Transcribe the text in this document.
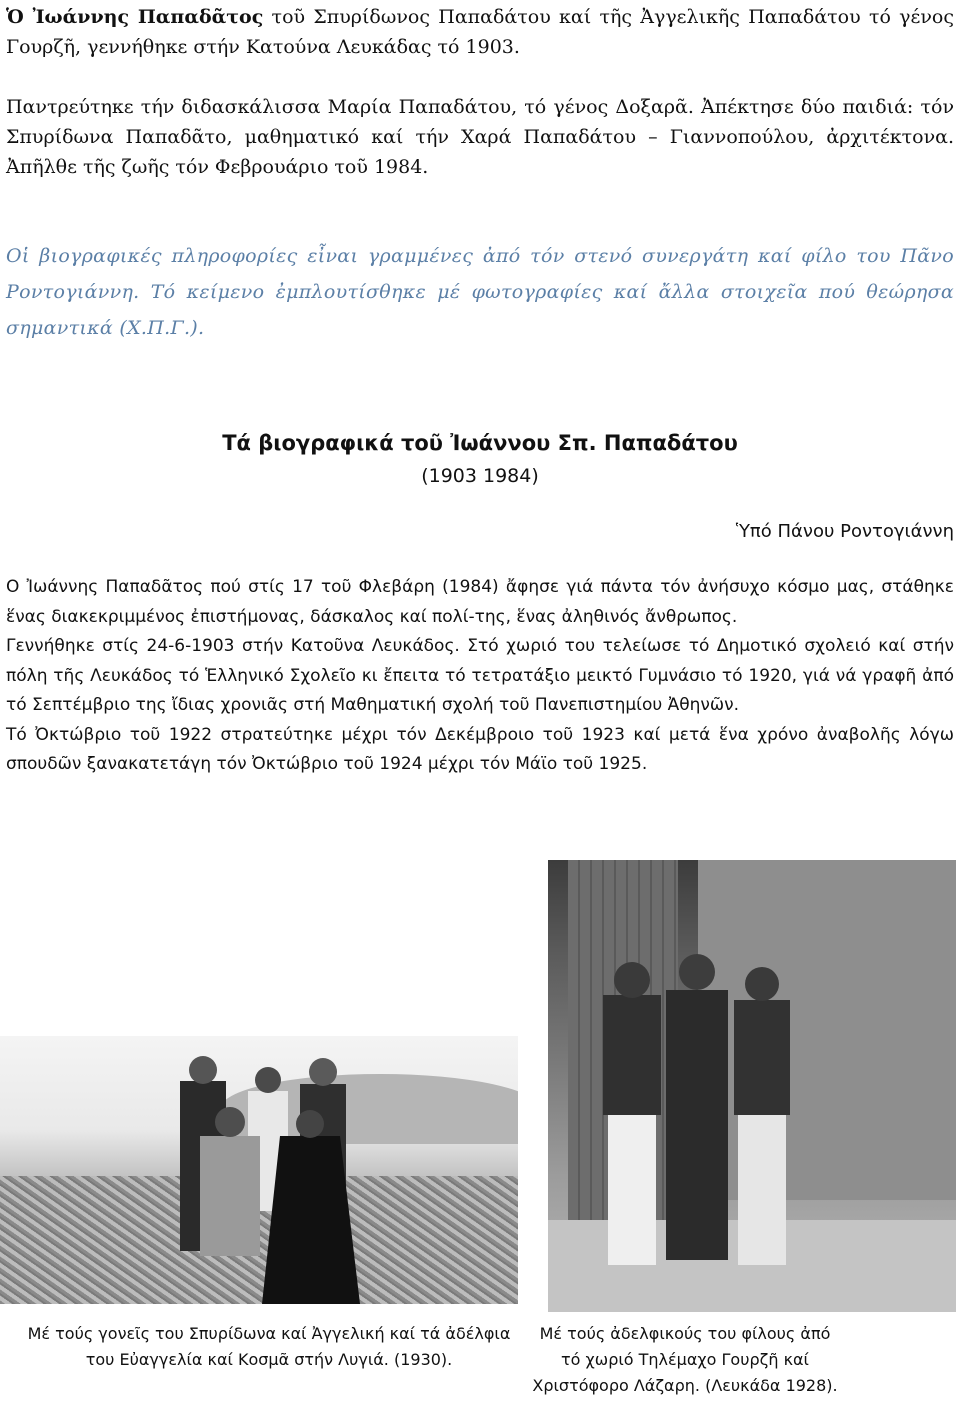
Ὁ Ἰωάννης Παπαδᾶτος τοῦ Σπυρίδωνος Παπαδάτου καί τῆς Ἀγγελικῆς Παπαδάτου τό γένος Γουρζῆ, γεννήθηκε στήν Κατούνα Λευκάδας τό 1903.

Παντρεύτηκε τήν διδασκάλισσα Μαρία Παπαδάτου, τό γένος Δοξαρᾶ. Ἀπέκτησε δύο παιδιά: τόν Σπυρίδωνα Παπαδᾶτο, μαθηματικό καί τήν Χαρά Παπαδάτου – Γιαννοπούλου, ἀρχιτέκτονα. Ἀπῆλθε τῆς ζωῆς τόν Φεβρουάριο τοῦ 1984.

Οἱ βιογραφικές πληροφορίες εἶναι γραμμένες ἀπό τόν στενό συνεργάτη καί φίλο του Πᾶνο Ροντογιάννη. Τό κείμενο ἐμπλουτίσθηκε μέ φωτογραφίες καί ἄλλα στοιχεῖα πού θεώρησα σημαντικά (Χ.Π.Γ.).

Τά βιογραφικά τοῦ Ἰωάννου Σπ. Παπαδάτου

(1903 1984)

Ὑπό Πάνου Ροντογιάννη

Ο Ἰωάννης Παπαδᾶτος πού στίς 17 τοῦ Φλεβάρη (1984) ἄφησε γιά πάντα τόν ἀνήσυχο κόσμο μας, στάθηκε ἕνας διακεκριμμένος ἐπιστήμονας, δάσκαλος καί πολί-της, ἕνας ἀληθινός ἄνθρωπος.

Γεννήθηκε στίς 24-6-1903 στήν Κατοῦνα Λευκάδος. Στό χωριό του τελείωσε τό Δημοτικό σχολειό καί στήν πόλη τῆς Λευκάδος τό Ἑλληνικό Σχολεῖο κι ἔπειτα τό τετρατάξιο μεικτό Γυμνάσιο τό 1920, γιά νά γραφῆ ἀπό τό Σεπτέμβριο της ἴδιας χρονιᾶς στή Μαθηματική σχολή τοῦ Πανεπιστημίου Ἀθηνῶν.

Τό Ὀκτώβριο τοῦ 1922 στρατεύτηκε μέχρι τόν Δεκέμβροιο τοῦ 1923 καί μετά ἕνα χρόνο ἀναβολῆς λόγω σπουδῶν ξανακατετάγη τόν Ὀκτώβριο τοῦ 1924 μέχρι τόν Μάϊο τοῦ 1925.

Μέ τούς γονεῖς του Σπυρίδωνα καί Ἀγγελική καί τά ἀδέλφια του Εὐαγγελία καί Κοσμᾶ στήν Λυγιά. (1930).

Μέ τούς ἀδελφικούς του φίλους ἀπό τό χωριό Τηλέμαχο Γουρζῆ καί Χριστόφορο Λάζαρη. (Λευκάδα 1928).
